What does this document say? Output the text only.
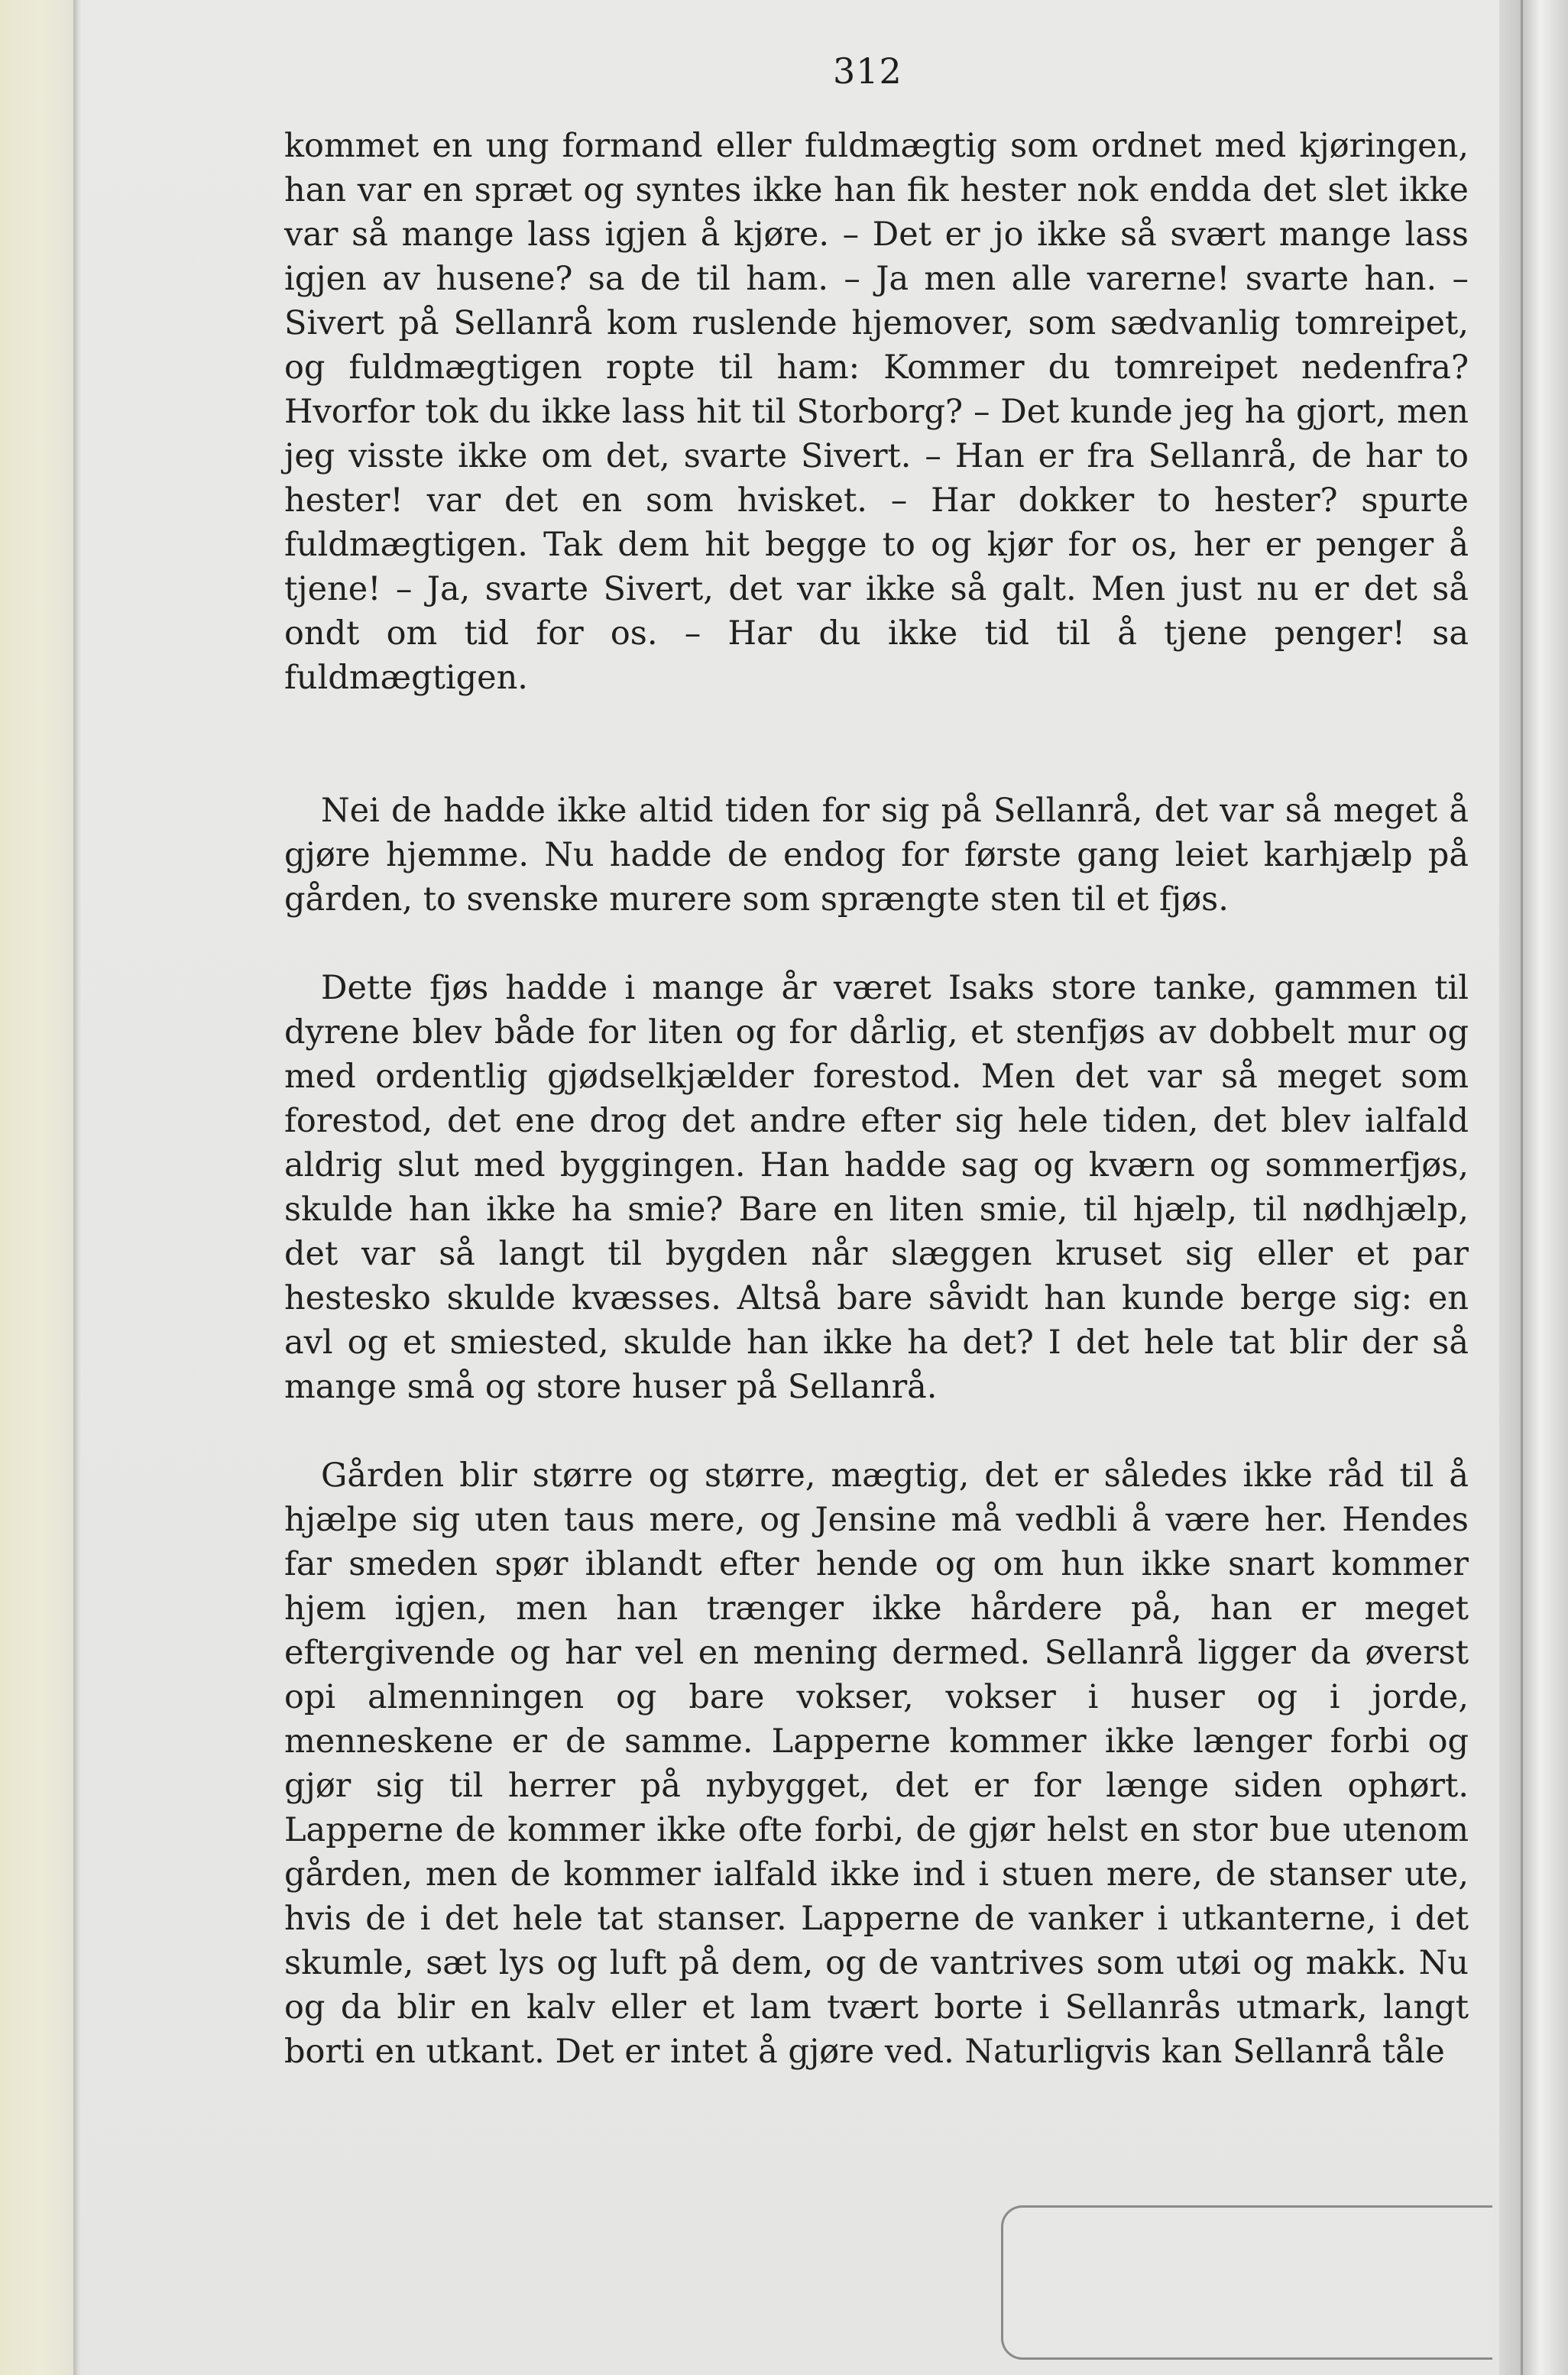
312

kommet en ung formand eller fuldmægtig som ordnet med kjøringen, han var en spræt og syntes ikke han fik hester nok endda det slet ikke var så mange lass igjen å kjøre. – Det er jo ikke så svært mange lass igjen av husene? sa de til ham. – Ja men alle varerne! svarte han. – Sivert på Sellanrå kom ruslende hjemover, som sædvanlig tomreipet, og fuldmægtigen ropte til ham: Kommer du tomreipet nedenfra? Hvorfor tok du ikke lass hit til Storborg? – Det kunde jeg ha gjort, men jeg visste ikke om det, svarte Sivert. – Han er fra Sellanrå, de har to hester! var det en som hvisket. – Har dokker to hester? spurte fuldmægtigen. Tak dem hit begge to og kjør for os, her er penger å tjene! – Ja, svarte Sivert, det var ikke så galt. Men just nu er det så ondt om tid for os. – Har du ikke tid til å tjene penger! sa fuldmægtigen.

Nei de hadde ikke altid tiden for sig på Sellanrå, det var så meget å gjøre hjemme. Nu hadde de endog for første gang leiet karhjælp på gården, to svenske murere som sprængte sten til et fjøs.

Dette fjøs hadde i mange år været Isaks store tanke, gammen til dyrene blev både for liten og for dårlig, et stenfjøs av dobbelt mur og med ordentlig gjødselkjælder forestod. Men det var så meget som forestod, det ene drog det andre efter sig hele tiden, det blev ialfald aldrig slut med byggingen. Han hadde sag og kværn og sommerfjøs, skulde han ikke ha smie? Bare en liten smie, til hjælp, til nødhjælp, det var så langt til bygden når slæggen kruset sig eller et par hestesko skulde kvæsses. Altså bare såvidt han kunde berge sig: en avl og et smiested, skulde han ikke ha det? I det hele tat blir der så mange små og store huser på Sellanrå.

Gården blir større og større, mægtig, det er således ikke råd til å hjælpe sig uten taus mere, og Jensine må vedbli å være her. Hendes far smeden spør iblandt efter hende og om hun ikke snart kommer hjem igjen, men han trænger ikke hårdere på, han er meget eftergivende og har vel en mening dermed. Sellanrå ligger da øverst opi almenningen og bare vokser, vokser i huser og i jorde, menneskene er de samme. Lapperne kommer ikke længer forbi og gjør sig til herrer på nybygget, det er for længe siden ophørt. Lapperne de kommer ikke ofte forbi, de gjør helst en stor bue utenom gården, men de kommer ialfald ikke ind i stuen mere, de stanser ute, hvis de i det hele tat stanser. Lapperne de vanker i utkanterne, i det skumle, sæt lys og luft på dem, og de vantrives som utøi og makk. Nu og da blir en kalv eller et lam tvært borte i Sellanrås utmark, langt borti en utkant. Det er intet å gjøre ved. Naturligvis kan Sellanrå tåle
